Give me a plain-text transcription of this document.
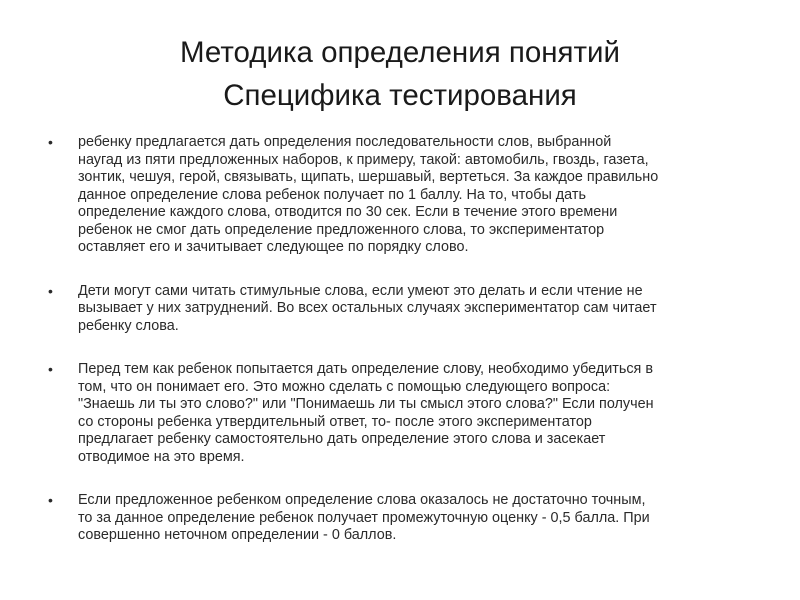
Методика определения понятий
Специфика тестирования
• ребенку предлагается дать определения последовательности слов, выбранной
наугад из пяти предложенных наборов, к примеру, такой: автомобиль, гвоздь, газета,
зонтик, чешуя, герой, связывать, щипать, шершавый, вертеться. За каждое правильно
данное определение слова ребенок получает по 1 баллу. На то, чтобы дать
определение каждого слова, отводится по 30 сек. Если в течение этого времени
ребенок не смог дать определение предложенного слова, то экспериментатор
оставляет его и зачитывает следующее по порядку слово.
• Дети могут сами читать стимульные слова, если умеют это делать и если чтение не
вызывает у них затруднений. Во всех остальных случаях экспериментатор сам читает
ребенку слова.
• Перед тем как ребенок попытается дать определение слову, необходимо убедиться в
том, что он понимает его. Это можно сделать с помощью следующего вопроса:
"Знаешь ли ты это слово?" или "Понимаешь ли ты смысл этого слова?" Если получен
со стороны ребенка утвердительный ответ, то- после этого экспериментатор
предлагает ребенку самостоятельно дать определение этого слова и засекает
отводимое на это время.
• Если предложенное ребенком определение слова оказалось не достаточно точным,
то за данное определение ребенок получает промежуточную оценку - 0,5 балла. При
совершенно неточном определении - 0 баллов.
